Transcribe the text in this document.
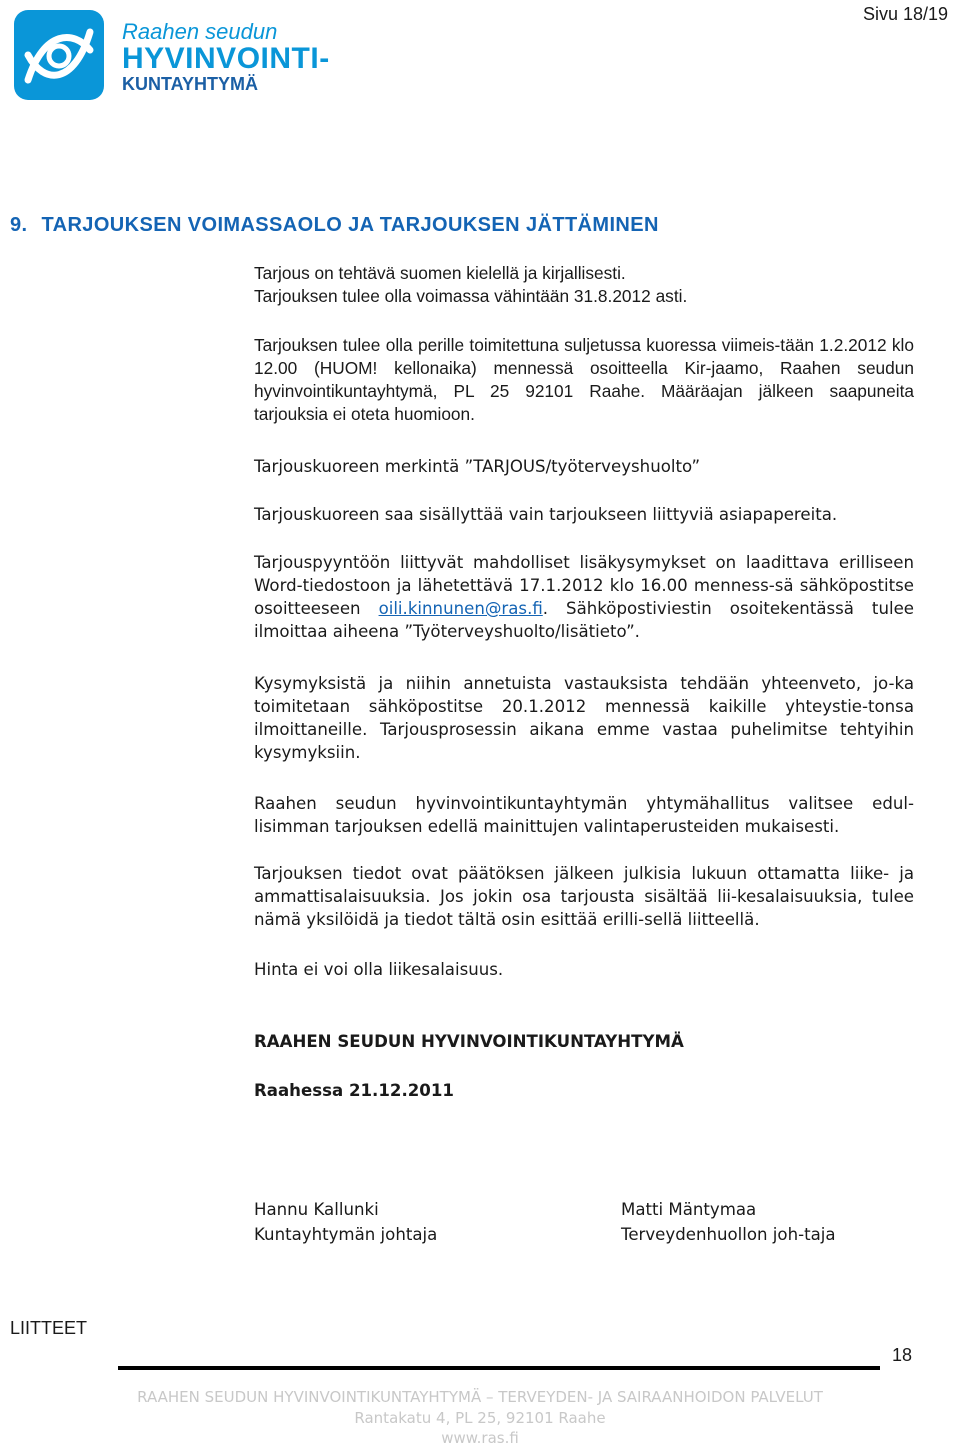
Raahen seudun
HYVINVOINTI-
KUNTAYHTYMÄ
Sivu 18/19
9. TARJOUKSEN VOIMASSAOLO JA TARJOUKSEN JÄTTÄMINEN

Tarjous on tehtävä suomen kielellä ja kirjallisesti.

Tarjouksen tulee olla voimassa vähintään 31.8.2012 asti.

Tarjouksen tulee olla perille toimitettuna suljetussa kuoressa viimeis-tään 1.2.2012 klo 12.00 (HUOM! kellonaika) mennessä osoitteella Kir-jaamo, Raahen seudun hyvinvointikuntayhtymä, PL 25 92101 Raahe. Määräajan jälkeen saapuneita tarjouksia ei oteta huomioon.

Tarjouskuoreen merkintä ”TARJOUS/työterveyshuolto”

Tarjouskuoreen saa sisällyttää vain tarjoukseen liittyviä asiapapereita.

Tarjouspyyntöön liittyvät mahdolliset lisäkysymykset on laadittava erilliseen Word-tiedostoon ja lähetettävä 17.1.2012 klo 16.00 menness-sä sähköpostitse osoitteeseen oili.kinnunen@ras.fi. Sähköpostiviestin osoitekentässä tulee ilmoittaa aiheena ”Työterveyshuolto/lisätieto”.

Kysymyksistä ja niihin annetuista vastauksista tehdään yhteenveto, jo-ka toimitetaan sähköpostitse 20.1.2012 mennessä kaikille yhteystie-tonsa ilmoittaneille. Tarjousprosessin aikana emme vastaa puhelimitse tehtyihin kysymyksiin.

Raahen seudun hyvinvointikuntayhtymän yhtymähallitus valitsee edul-lisimman tarjouksen edellä mainittujen valintaperusteiden mukaisesti.

Tarjouksen tiedot ovat päätöksen jälkeen julkisia lukuun ottamatta liike- ja ammattisalaisuuksia. Jos jokin osa tarjousta sisältää lii-kesalaisuuksia, tulee nämä yksilöidä ja tiedot tältä osin esittää erilli-sellä liitteellä.

Hinta ei voi olla liikesalaisuus.

RAAHEN SEUDUN HYVINVOINTIKUNTAYHTYMÄ

Raahessa 21.12.2011

Hannu Kallunki
Kuntayhtymän johtaja
Matti Mäntymaa
Terveydenhuollon joh-taja
LIITTEET
18
RAAHEN SEUDUN HYVINVOINTIKUNTAYHTYMÄ – TERVEYDEN- JA SAIRAANHOIDON PALVELUT
Rantakatu 4, PL 25, 92101 Raahe
www.ras.fi
